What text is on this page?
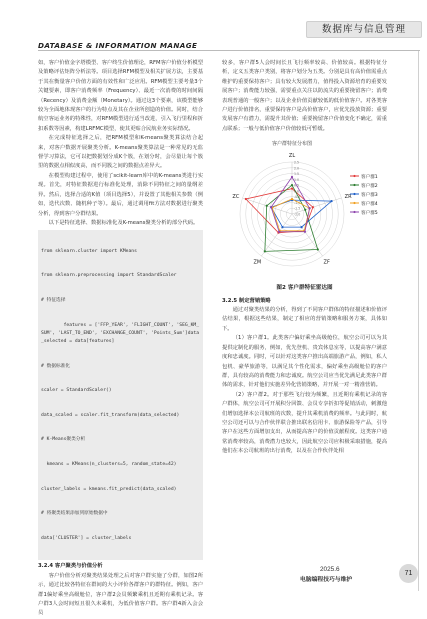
数据库与信息管理
DATABASE & INFORMATION MANAGE

如，客户价值金字塔模型、客户终生价值理论，RFM客户价值分析模型及策略评估矩阵分析法等。项目选择RFM模型及相关扩展方法，主要基于其在衡量客户价值方面的有效性和广泛应用。RFM模型主要考量3个关键要素，即客户消费频率（Frequency）、最近一次消费的时间间隔（Recency）及消费金额（Monetary）。通过这3个要素，该模型能够较为全面地体现客户的行为特点及其在企业所创造的价值。同时，结合航空客运业务的特殊性，对RFM模型进行适当改进，引入飞行里程和折扣系数等因素，构建LRFMC模型，使其更贴合民航业务实际情况。

在完成特征选择之后，把RFM模型和K-means聚类算法结合起来，对客户数据开展聚类分析。K-means聚类算法是一种常见的无监督学习算法，它可以把数据划分成K个簇，在划分时，会尽量让每个簇里的数据点相似度高，而不同簇之间的数据点差异大。

在模型构建过程中，使用了scikit-learn库中的K-means类进行实现。首先，对特征数据进行标准化处理，消除不同特征之间的量纲差异。然后，选择合适的K值（项目选择5），并设置了其他相关参数（例如，迭代次数、随机种子等）。最后，通过调用fit方法对数据进行聚类分析，得到客户分群结果。

以下是特征选择、数据标准化及K-means聚类分析的部分代码。

from sklearn.cluster import KMeans

from sklearn.preprocessing import StandardScaler

# 特征选择

features = ['FFP_YEAR', 'FLIGHT_COUNT', 'SEG_KM_SUM', 'LAST_TO_END', 'EXCHANGE_COUNT', 'Points_Sum']data_selected = data[features]

# 数据标准化

scaler = StandardScaler()

data_scaled = scaler.fit_transform(data_selected)

# K-Means聚类分析

kmeans = KMeans(n_clusters=5, random_state=42)

cluster_labels = kmeans.fit_predict(data_scaled)

# 将聚类结果添加到原始数据中

data['CLUSTER'] = cluster_labels

3.2.4 客户聚类与价值分析

客户价值分析对聚类结果处理之后对客户群实施了分群，如图2所示，通过比较各特征在群间的大小评价各群客户的群特征。例如，客户群1偏好乘坐高级舱位，客户群2会员频繁乘机且近期有乘机记录。客户群3人会时间短且很久未乘机，为低价值客户群。客户群4新入会会员

较多，客户群5人会时间长且飞行频率较高、价值较高。根据特征分析，定义五类客户类别，将客户划分为五类。分别是具有高价值需重点维护的重要保持客户；具有较大发展潜力，值得投入资源培育的重要发展客户；消费能力较强，需要重点关注以防流失的重要挽留客户；消费表现普通的一般客户；以及企业价值贡献较低的低价值客户。对各类客户进行价值排名，重要保持客户是高价值客户，应优先投放资源；重要发展客户有潜力，需提升其价值；重要挽留客户价值变化不确定，需重点联系；一般与低价值客户价值较低可暂缓。

客户群特征分布图
ZL
ZR
ZF
ZM
ZC
-2.0
-1.5
-1.0
-0.5
0.0
0.5
1.0
1.5
2.0
2.5
客户群1
客户群2
客户群3
客户群4
客户群5
图2 客户群特征雷达图
3.2.5 制定营销策略

通过对聚类结果的分析，得到了不同客户群体的特征描述和价值评估结果，根据这些结果，制定了相应的营销策略和服务方案，具体如下。

（1）客户群1。此类客户偏好乘坐高级舱位，航空公司可以为其提供定制化的服务，例如，优先登机、贵宾休息室等，以提高客户满意度和忠诚度。同时，可以针对这类客户推出高端旅游产品，例如，私人包机、豪华旅游等，以满足其个性化需求，偏好乘坐高级舱位的客户群，具有较高的消费能力和忠诚度。航空公司应当优先满足此类客户群体的需求，针对他们实施差异化营销策略，并开展一对一精准营销。

（2）客户群2。对于那些飞行较为频繁，且近期有乘机记录的客户群体，航空公司可开展积分回馈、会员专享折扣等促销活动，刺激他们增加选择本公司航班的次数，提升其乘机消费的频率。与此同时，航空公司还可以与合作伙伴联合推出联名信用卡、旅游保险等产品，引导客户在这些方面增加支出，从而提高客户的价值贡献程度。这类客户通常消费率较高，消费潜力也较大，因此航空公司应积极采取措施，提高他们在本公司航班的出行消费，以及在合作伙伴处相

2025.6
电脑编程技巧与维护
71
